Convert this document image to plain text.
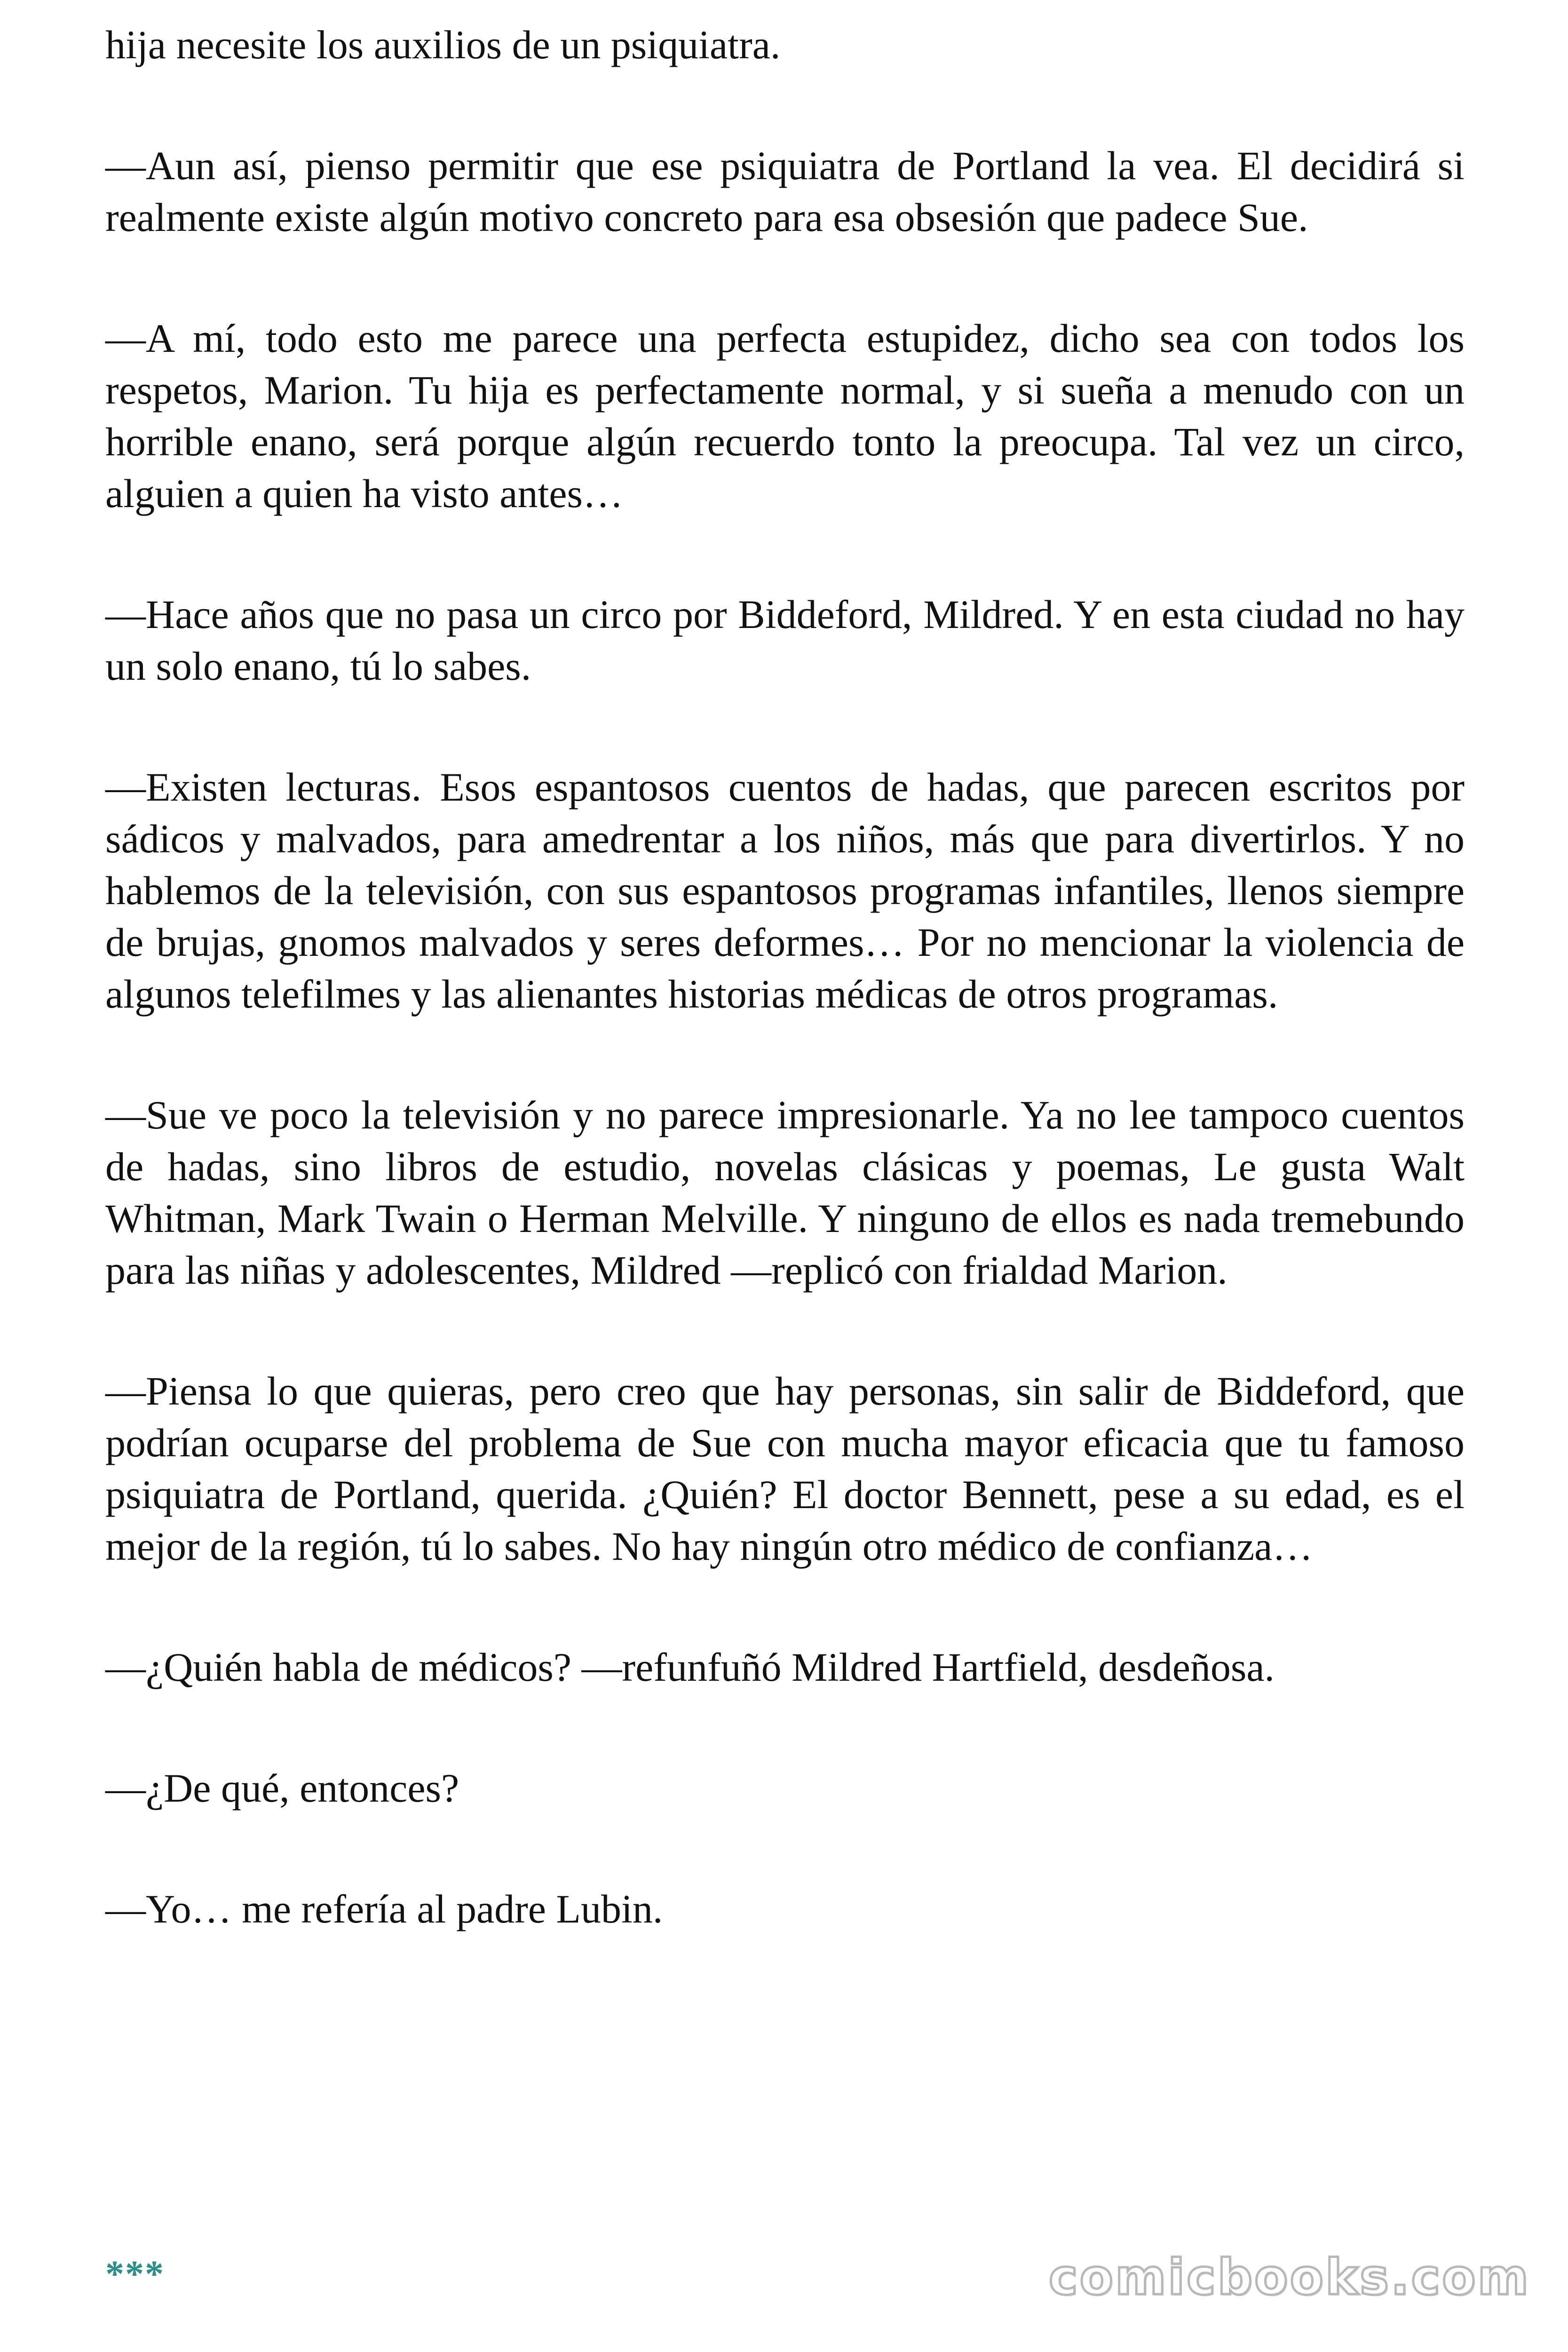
hija necesite los auxilios de un psiquiatra.

—Aun así, pienso permitir que ese psiquiatra de Portland la vea. El decidirá si realmente existe algún motivo concreto para esa obsesión que padece Sue.

—A mí, todo esto me parece una perfecta estupidez, dicho sea con todos los respetos, Marion. Tu hija es perfectamente normal, y si sueña a menudo con un horrible enano, será porque algún recuerdo tonto la preocupa. Tal vez un circo, alguien a quien ha visto antes…

—Hace años que no pasa un circo por Biddeford, Mildred. Y en esta ciudad no hay un solo enano, tú lo sabes.

—Existen lecturas. Esos espantosos cuentos de hadas, que parecen escritos por sádicos y malvados, para amedrentar a los niños, más que para divertirlos. Y no hablemos de la televisión, con sus espantosos programas infantiles, llenos siempre de brujas, gnomos malvados y seres deformes… Por no mencionar la violencia de algunos telefilmes y las alienantes historias médicas de otros programas.

—Sue ve poco la televisión y no parece impresionarle. Ya no lee tampoco cuentos de hadas, sino libros de estudio, novelas clásicas y poemas, Le gusta Walt Whitman, Mark Twain o Herman Melville. Y ninguno de ellos es nada tremebundo para las niñas y adolescentes, Mildred —replicó con frialdad Marion.

—Piensa lo que quieras, pero creo que hay personas, sin salir de Biddeford, que podrían ocuparse del problema de Sue con mucha mayor eficacia que tu famoso psiquiatra de Portland, querida. ¿Quién? El doctor Bennett, pese a su edad, es el mejor de la región, tú lo sabes. No hay ningún otro médico de confianza…

—¿Quién habla de médicos? —refunfuñó Mildred Hartfield, desdeñosa.

—¿De qué, entonces?

—Yo… me refería al padre Lubin.

***	comicbooks.com
